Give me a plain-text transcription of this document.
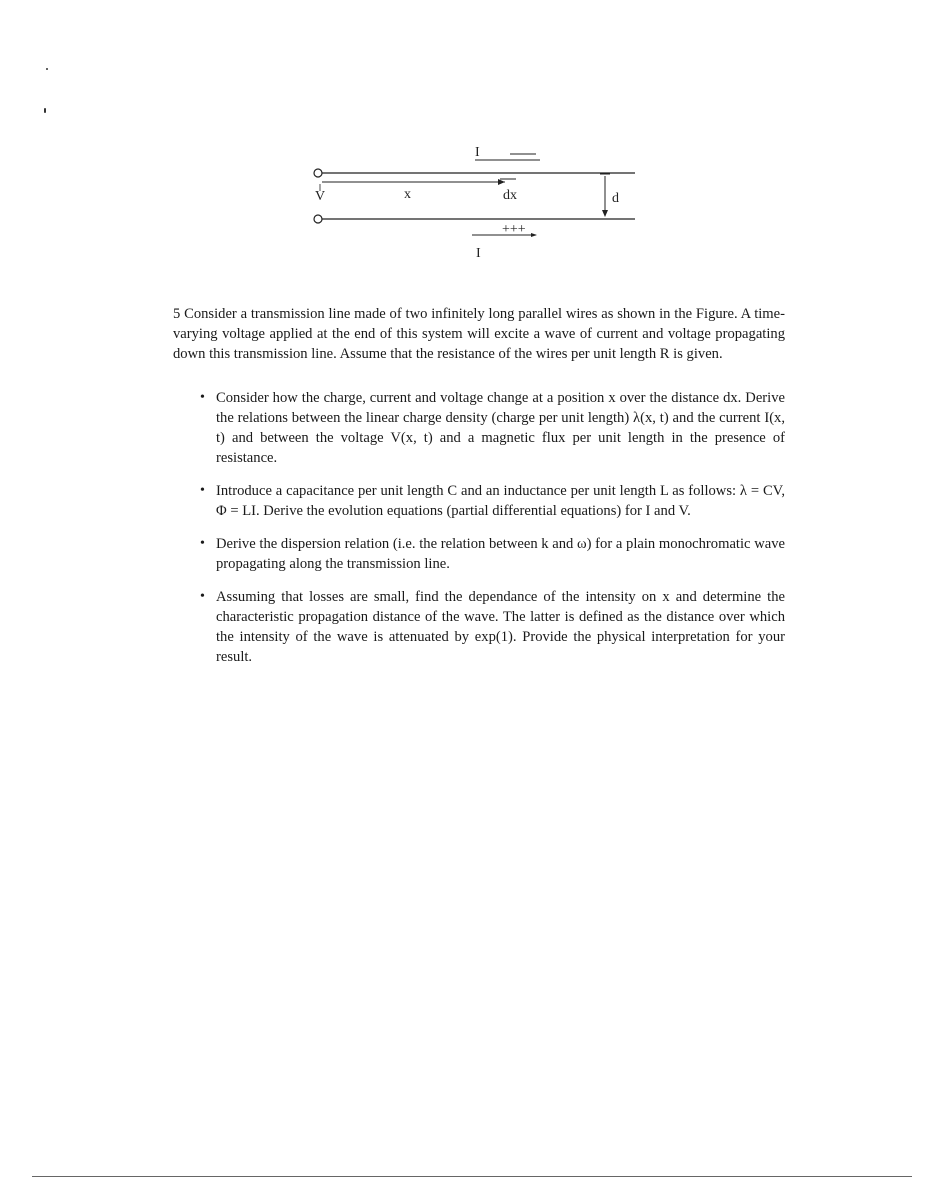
I
V	x	dx	d
+++
I

5 Consider a transmission line made of two infinitely long parallel wires as shown in the Figure. A time-varying voltage applied at the end of this system will excite a wave of current and voltage propagating down this transmission line. Assume that the resistance of the wires per unit length R is given.

• Consider how the charge, current and voltage change at a position x over the distance dx. Derive the relations between the linear charge density (charge per unit length) λ(x, t) and the current I(x, t) and between the voltage V(x, t) and a magnetic flux per unit length in the presence of resistance.
• Introduce a capacitance per unit length C and an inductance per unit length L as follows: λ = CV, Φ = LI. Derive the evolution equations (partial differential equations) for I and V.
• Derive the dispersion relation (i.e. the relation between k and ω) for a plain monochromatic wave propagating along the transmission line.
• Assuming that losses are small, find the dependance of the intensity on x and determine the characteristic propagation distance of the wave. The latter is defined as the distance over which the intensity of the wave is attenuated by exp(1). Provide the physical interpretation for your result.
